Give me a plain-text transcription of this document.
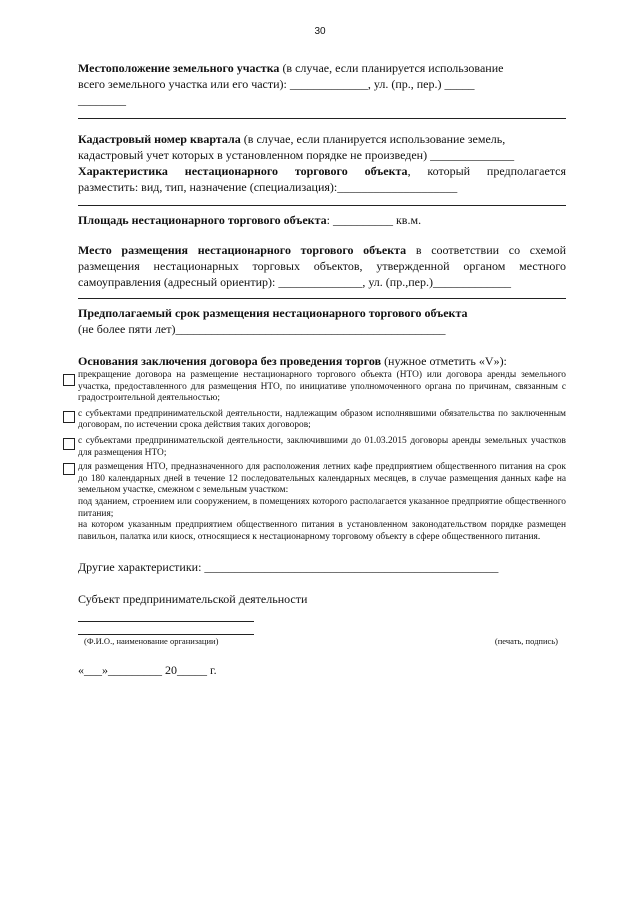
30

Местоположение земельного участка (в случае, если планируется использование

всего земельного участка или его части): _____________, ул. (пр., пер.) _____

________

Кадастровый номер квартала (в случае, если планируется использование земель,

кадастровый учет которых в установленном порядке не произведен) ______________

Характеристика нестационарного торгового объекта, который предполагается

разместить: вид, тип, назначение (специализация):____________________

Площадь нестационарного торгового объекта: __________ кв.м.

Место размещения нестационарного торгового объекта в соответствии со схемой

размещения нестационарных торговых объектов, утвержденной органом местного

самоуправления (адресный ориентир): ______________, ул. (пр.,пер.)_____________

Предполагаемый срок размещения нестационарного торгового объекта

(не более пяти лет)_____________________________________________

Основания заключения договора без проведения торгов (нужное отметить «V»):

прекращение договора на размещение нестационарного торгового объекта (НТО) или договора аренды земельного участка, предоставленного для размещения НТО, по инициативе уполномоченного органа по причинам, связанным с градостроительной деятельностью;

с субъектами предпринимательской деятельности, надлежащим образом исполнявшими обязательства по заключенным договорам, по истечении срока действия таких договоров;

с субъектами предпринимательской деятельности, заключившими до 01.03.2015 договоры аренды земельных участков для размещения НТО;

для размещения НТО, предназначенного для расположения летних кафе предприятием общественного питания на срок до 180 календарных дней в течение 12 последовательных календарных месяцев, в случае размещения данных кафе на земельном участке, смежном с земельным участком:

под зданием, строением или сооружением, в помещениях которого располагается указанное предприятие общественного питания;

на котором указанным предприятием общественного питания в установленном законодательством порядке размещен павильон, палатка или киоск, относящиеся к нестационарному торговому объекту в сфере общественного питания.

Другие характеристики: _________________________________________________

Субъект предпринимательской деятельности

(Ф.И.О., наименование организации)	(печать, подпись)

«___»_________ 20_____ г.
